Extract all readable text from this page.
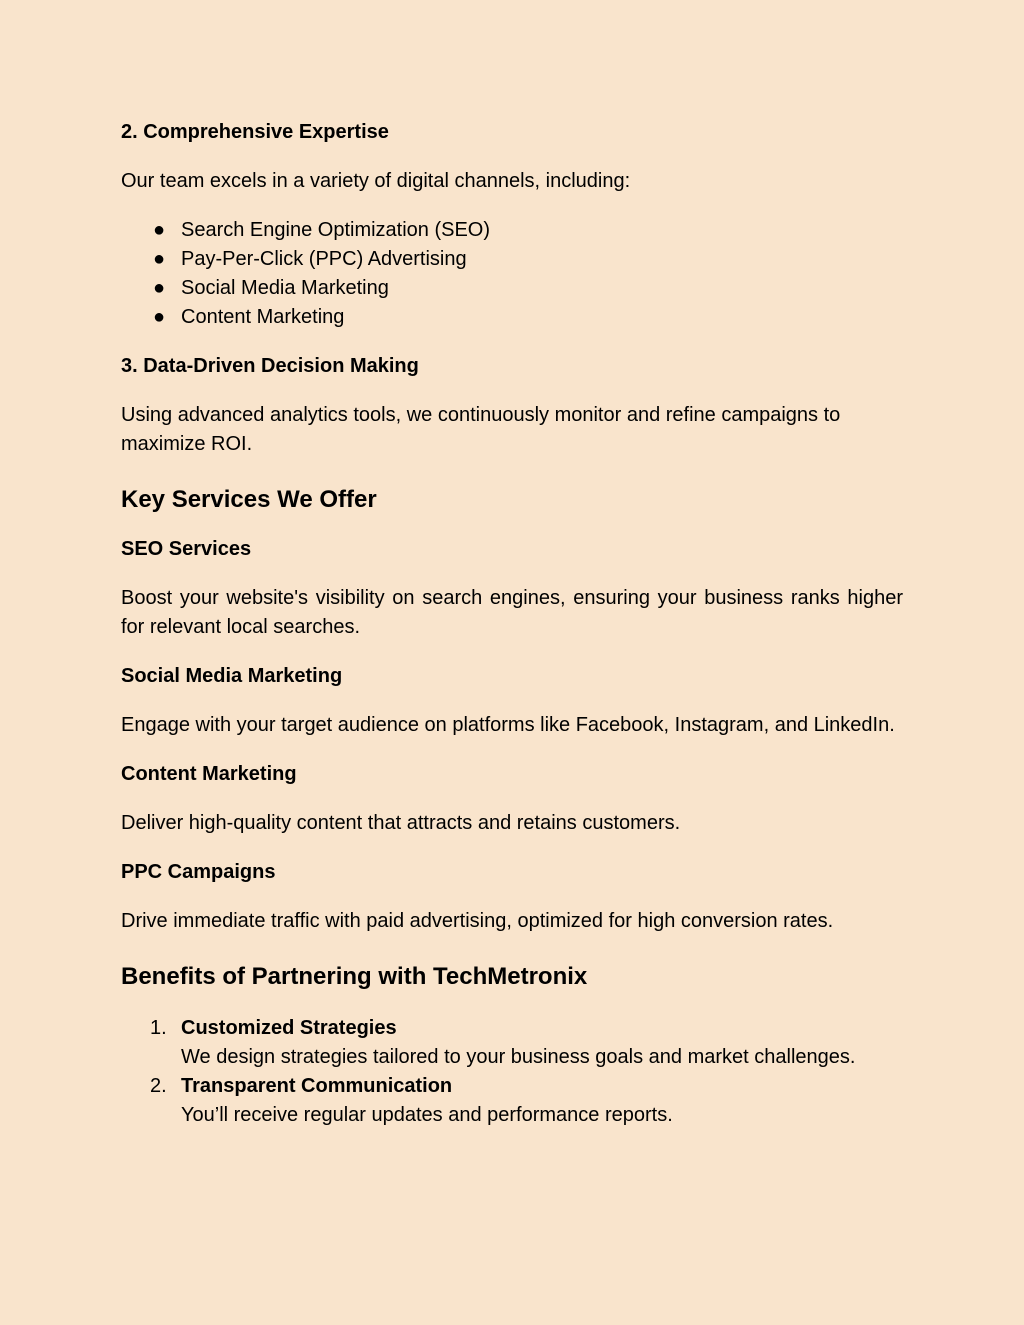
2. Comprehensive Expertise

Our team excels in a variety of digital channels, including:

● Search Engine Optimization (SEO)
● Pay-Per-Click (PPC) Advertising
● Social Media Marketing
● Content Marketing

3. Data-Driven Decision Making

Using advanced analytics tools, we continuously monitor and refine campaigns to maximize ROI.

Key Services We Offer

SEO Services

Boost your website's visibility on search engines, ensuring your business ranks higher for relevant local searches.

Social Media Marketing

Engage with your target audience on platforms like Facebook, Instagram, and LinkedIn.

Content Marketing

Deliver high-quality content that attracts and retains customers.

PPC Campaigns

Drive immediate traffic with paid advertising, optimized for high conversion rates.

Benefits of Partnering with TechMetronix

1. Customized Strategies
We design strategies tailored to your business goals and market challenges.
2. Transparent Communication
You’ll receive regular updates and performance reports.
